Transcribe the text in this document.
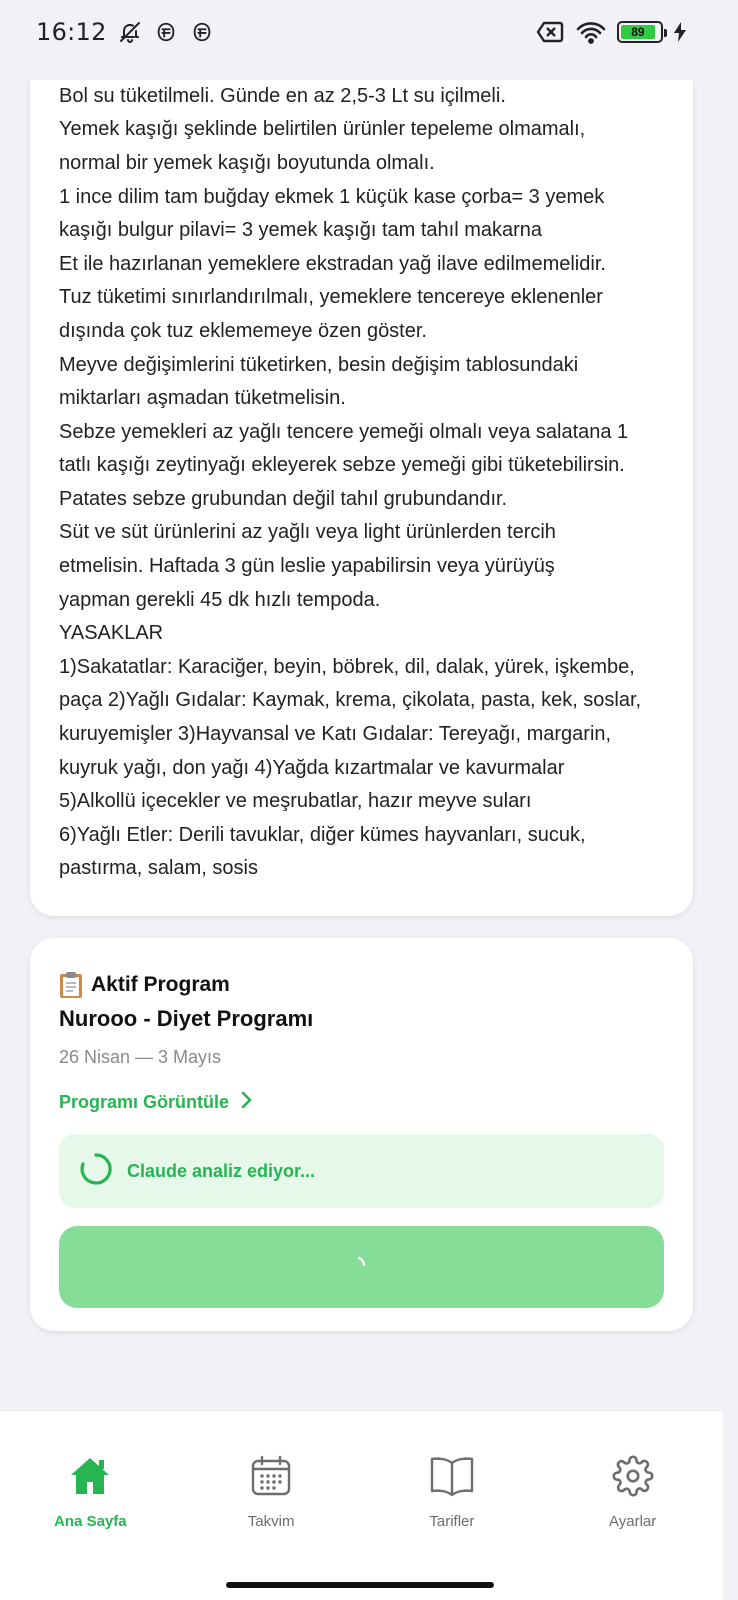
16:12	89
Bol su tüketilmeli. Günde en az 2,5-3 Lt su içilmeli.
Yemek kaşığı şeklinde belirtilen ürünler tepeleme olmamalı,
normal bir yemek kaşığı boyutunda olmalı.
1 ince dilim tam buğday ekmek 1 küçük kase çorba= 3 yemek
kaşığı bulgur pilavi= 3 yemek kaşığı tam tahıl makarna
Et ile hazırlanan yemeklere ekstradan yağ ilave edilmemelidir.
Tuz tüketimi sınırlandırılmalı, yemeklere tencereye eklenenler
dışında çok tuz eklememeye özen göster.
Meyve değişimlerini tüketirken, besin değişim tablosundaki
miktarları aşmadan tüketmelisin.
Sebze yemekleri az yağlı tencere yemeği olmalı veya salatana 1
tatlı kaşığı zeytinyağı ekleyerek sebze yemeği gibi tüketebilirsin.
Patates sebze grubundan değil tahıl grubundandır.
Süt ve süt ürünlerini az yağlı veya light ürünlerden tercih
etmelisin. Haftada 3 gün leslie yapabilirsin veya yürüyüş
yapman gerekli 45 dk hızlı tempoda.
YASAKLAR
1)Sakatatlar: Karaciğer, beyin, böbrek, dil, dalak, yürek, işkembe,
paça 2)Yağlı Gıdalar: Kaymak, krema, çikolata, pasta, kek, soslar,
kuruyemişler 3)Hayvansal ve Katı Gıdalar: Tereyağı, margarin,
kuyruk yağı, don yağı 4)Yağda kızartmalar ve kavurmalar
5)Alkollü içecekler ve meşrubatlar, hazır meyve suları
6)Yağlı Etler: Derili tavuklar, diğer kümes hayvanları, sucuk,
pastırma, salam, sosis
Aktif Program
Nurooo - Diyet Programı
26 Nisan — 3 Mayıs
Programı Görüntüle
Claude analiz ediyor...
Ana Sayfa	Takvim	Tarifler	Ayarlar
